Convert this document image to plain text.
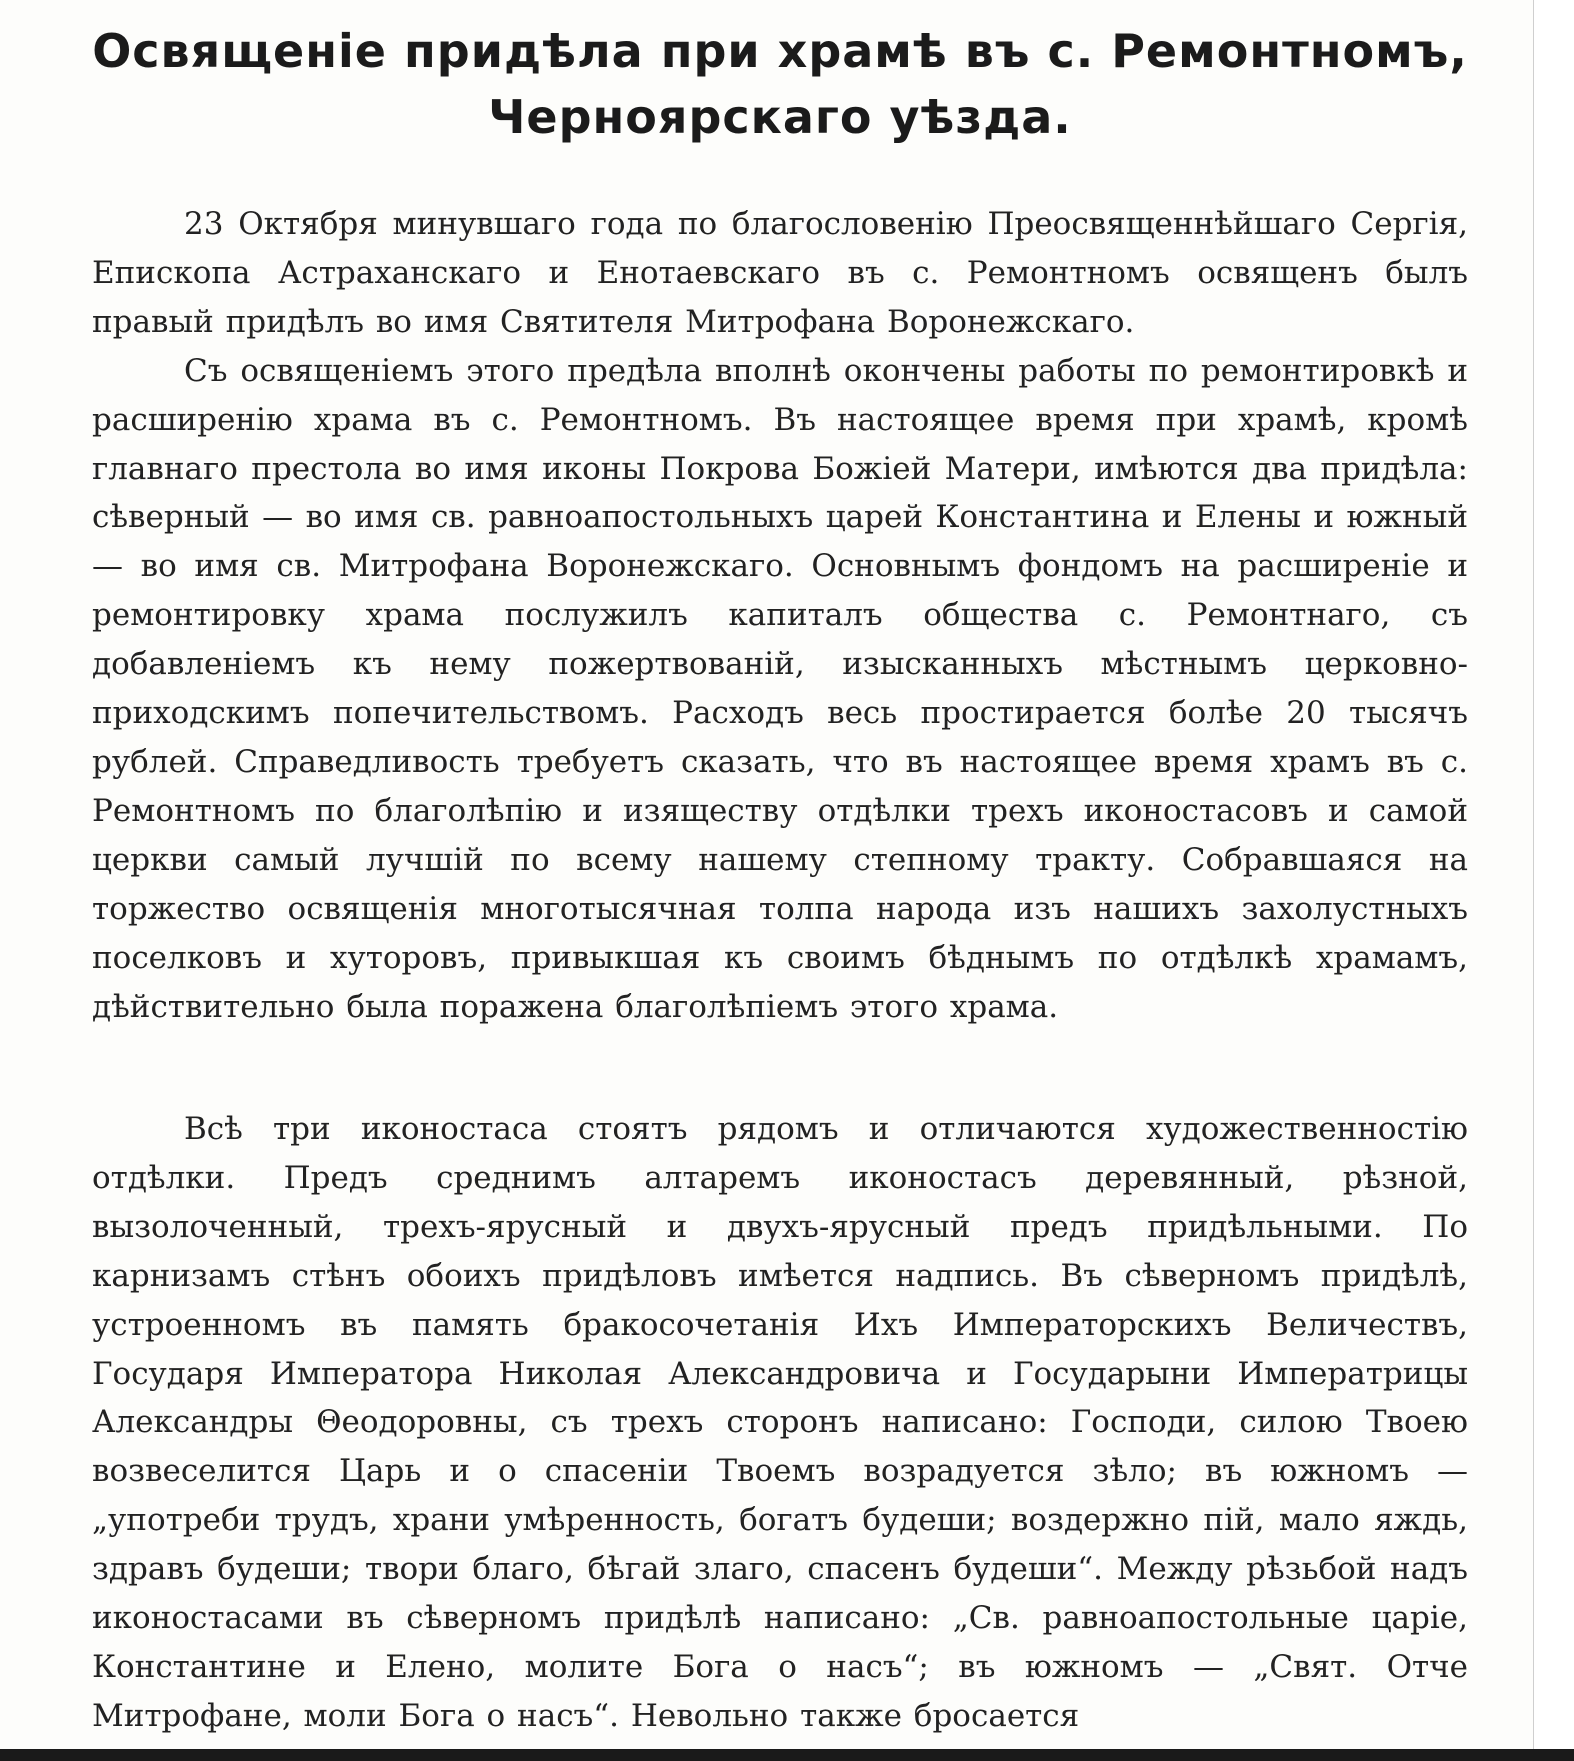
Освященіе придѣла при храмѣ въ с. Ремонтномъ, Черноярскаго уѣзда.

23 Октября минувшаго года по благословенію Преосвященнѣйшаго Сергія, Епископа Астраханскаго и Енотаевскаго въ с. Ремонтномъ освященъ былъ правый придѣлъ во имя Святителя Митрофана Воронежскаго.

Съ освященіемъ этого предѣла вполнѣ окончены работы по ремонтировкѣ и расширенію храма въ с. Ремонтномъ. Въ настоящее время при храмѣ, кромѣ главнаго престола во имя иконы Покрова Божіей Матери, имѣются два придѣла: сѣверный — во имя св. равноапостольныхъ царей Константина и Елены и южный — во имя св. Митрофана Воронежскаго. Основнымъ фондомъ на расширеніе и ремонтировку храма послужилъ капиталъ общества с. Ремонтнаго, съ добавленіемъ къ нему пожертвованій, изысканныхъ мѣстнымъ церковно-приходскимъ попечительствомъ. Расходъ весь простирается болѣе 20 тысячъ рублей. Справедливость требуетъ сказать, что въ настоящее время храмъ въ с. Ремонтномъ по благолѣпію и изяществу отдѣлки трехъ иконостасовъ и самой церкви самый лучшій по всему нашему степному тракту. Собравшаяся на торжество освященія многотысячная толпа народа изъ нашихъ захолустныхъ поселковъ и хуторовъ, привыкшая къ своимъ бѣднымъ по отдѣлкѣ храмамъ, дѣйствительно была поражена благолѣпіемъ этого храма.

Всѣ три иконостаса стоятъ рядомъ и отличаются художественностію отдѣлки. Предъ среднимъ алтаремъ иконостасъ деревянный, рѣзной, вызолоченный, трехъ-ярусный и двухъ-ярусный предъ придѣльными. По карнизамъ стѣнъ обоихъ придѣловъ имѣется надпись. Въ сѣверномъ придѣлѣ, устроенномъ въ память бракосочетанія Ихъ Императорскихъ Величествъ, Государя Императора Николая Александровича и Государыни Императрицы Александры Θеодоровны, съ трехъ сторонъ написано: Господи, силою Твоею возвеселится Царь и о спасеніи Твоемъ возрадуется зѣло; въ южномъ — „употреби трудъ, храни умѣренность, богатъ будеши; воздержно пій, мало яждь, здравъ будеши; твори благо, бѣгай злаго, спасенъ будеши“. Между рѣзьбой надъ иконостасами въ сѣверномъ придѣлѣ написано: „Св. равноапостольные царіе, Константине и Елено, молите Бога о насъ“; въ южномъ — „Свят. Отче Митрофане, моли Бога о насъ“. Невольно также бросается
